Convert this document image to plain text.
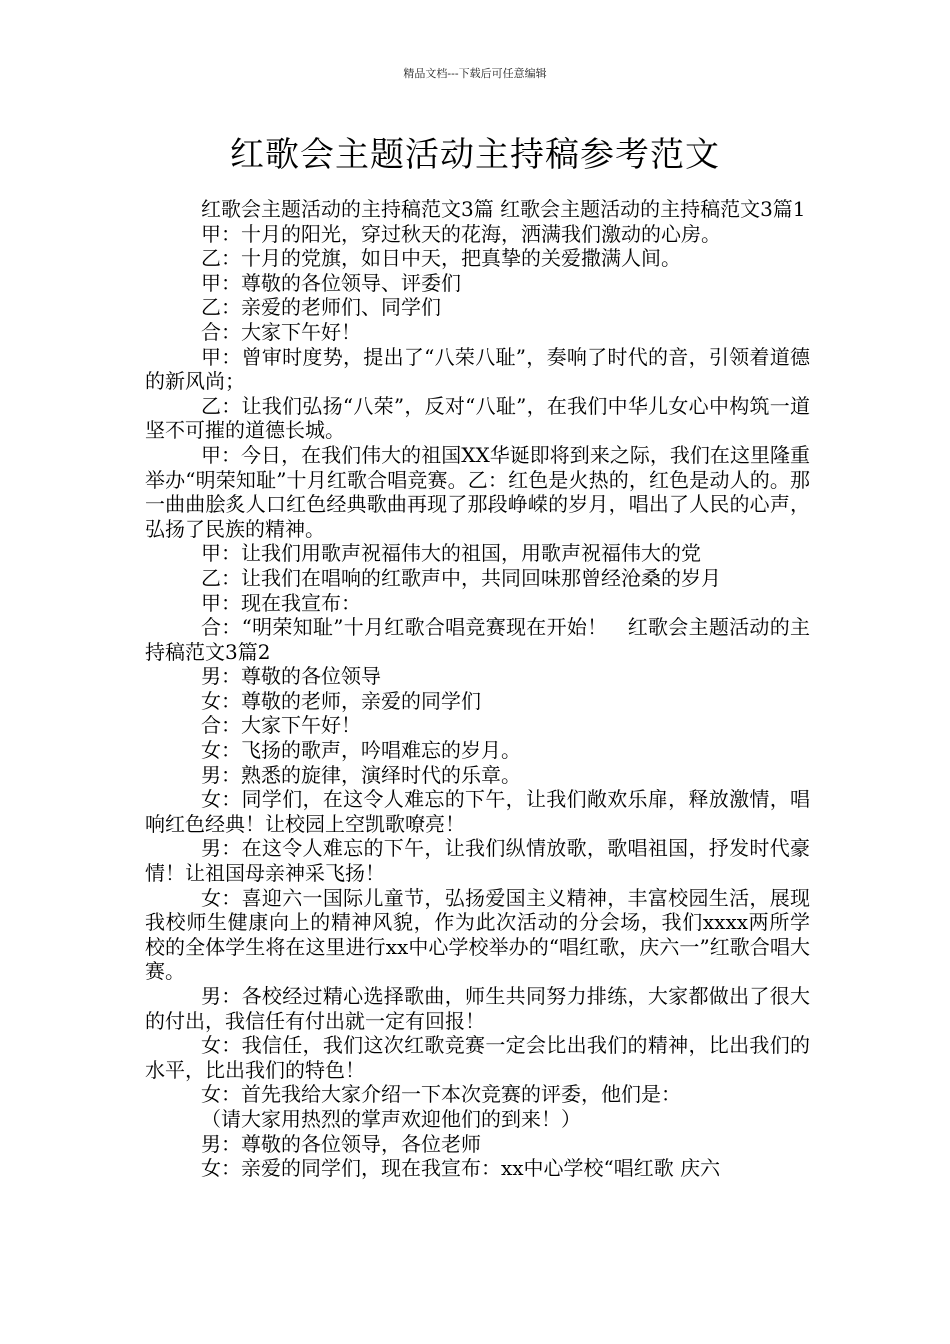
精品文档---下载后可任意编辑
红歌会主题活动主持稿参考范文

红歌会主题活动的主持稿范文3篇 红歌会主题活动的主持稿范文3篇1

甲：十月的阳光，穿过秋天的花海，洒满我们激动的心房。

乙：十月的党旗，如日中天，把真挚的关爱撒满人间。

甲：尊敬的各位领导、评委们

乙：亲爱的老师们、同学们

合：大家下午好！

甲：曾审时度势，提出了“八荣八耻”，奏响了时代的音，引领着道德的新风尚；

乙：让我们弘扬“八荣”，反对“八耻”，在我们中华儿女心中构筑一道坚不可摧的道德长城。

甲：今日，在我们伟大的祖国XX华诞即将到来之际，我们在这里隆重举办“明荣知耻”十月红歌合唱竞赛。乙：红色是火热的，红色是动人的。那一曲曲脍炙人口红色经典歌曲再现了那段峥嵘的岁月，唱出了人民的心声，弘扬了民族的精神。

甲：让我们用歌声祝福伟大的祖国，用歌声祝福伟大的党

乙：让我们在唱响的红歌声中，共同回味那曾经沧桑的岁月

甲：现在我宣布：

合：“明荣知耻”十月红歌合唱竞赛现在开始！　红歌会主题活动的主持稿范文3篇2

男：尊敬的各位领导

女：尊敬的老师，亲爱的同学们

合：大家下午好！

女：飞扬的歌声，吟唱难忘的岁月。

男：熟悉的旋律，演绎时代的乐章。

女：同学们，在这令人难忘的下午，让我们敞欢乐扉，释放激情，唱响红色经典！让校园上空凯歌嘹亮！

男：在这令人难忘的下午，让我们纵情放歌，歌唱祖国，抒发时代豪情！让祖国母亲神采飞扬！

女：喜迎六一国际儿童节，弘扬爱国主义精神，丰富校园生活，展现我校师生健康向上的精神风貌，作为此次活动的分会场，我们xxxx两所学校的全体学生将在这里进行xx中心学校举办的“唱红歌，庆六一”红歌合唱大赛。

男：各校经过精心选择歌曲，师生共同努力排练，大家都做出了很大的付出，我信任有付出就一定有回报！

女：我信任，我们这次红歌竞赛一定会比出我们的精神，比出我们的水平，比出我们的特色！

女：首先我给大家介绍一下本次竞赛的评委，他们是：

（请大家用热烈的掌声欢迎他们的到来！）

男：尊敬的各位领导，各位老师

女：亲爱的同学们，现在我宣布：xx中心学校“唱红歌 庆六
